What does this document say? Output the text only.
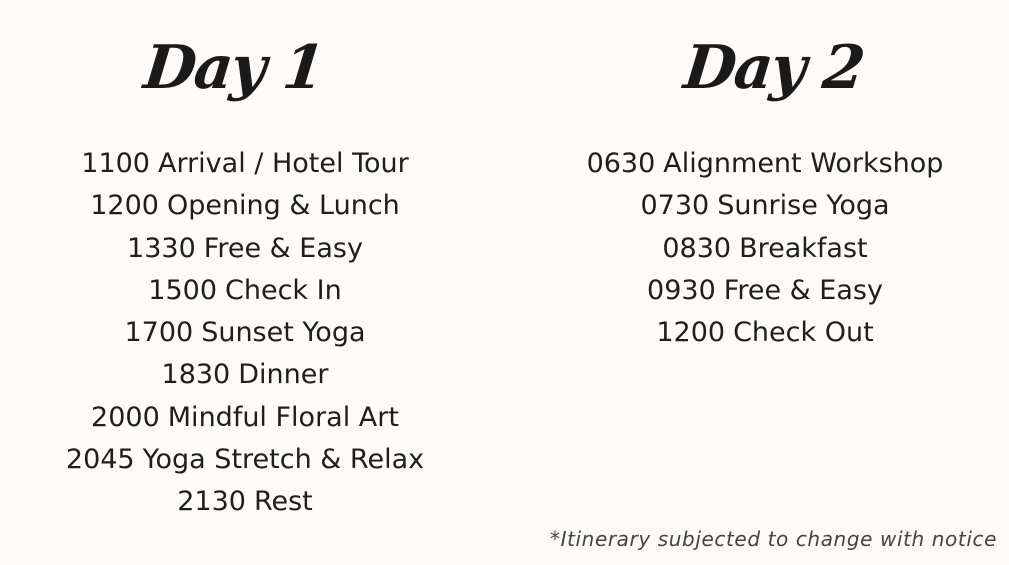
Day 1
1100 Arrival / Hotel Tour
1200 Opening & Lunch
1330 Free & Easy
1500 Check In
1700 Sunset Yoga
1830 Dinner
2000 Mindful Floral Art
2045 Yoga Stretch & Relax
2130 Rest
Day 2
0630 Alignment Workshop
0730 Sunrise Yoga
0830 Breakfast
0930 Free & Easy
1200 Check Out
*Itinerary subjected to change with notice
